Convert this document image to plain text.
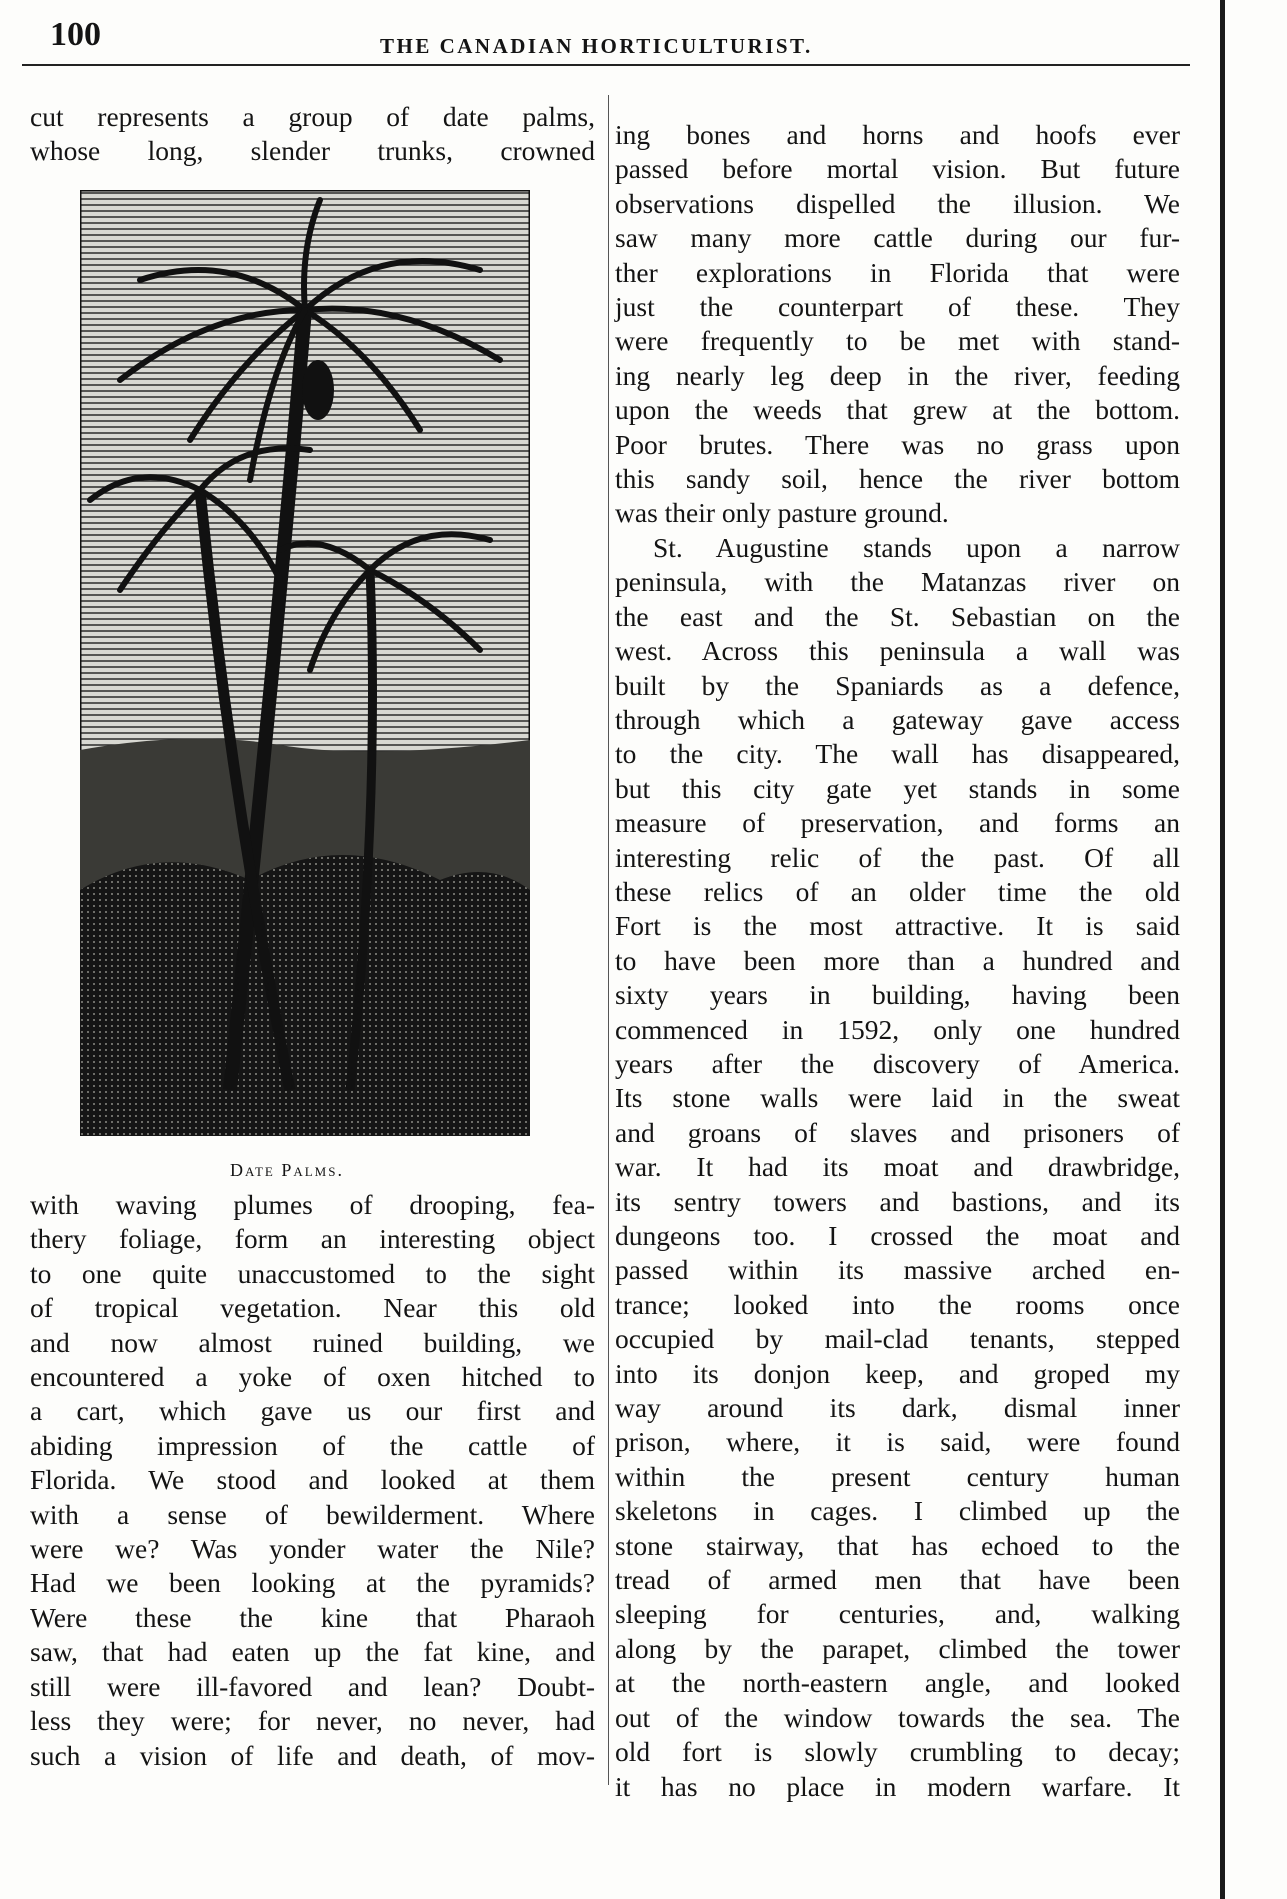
100	THE CANADIAN HORTICULTURIST.
cut represents a group of date palms,
whose long, slender trunks, crowned
Date Palms.
with waving plumes of drooping, fea-
thery foliage, form an interesting object
to one quite unaccustomed to the sight
of tropical vegetation. Near this old
and now almost ruined building, we
encountered a yoke of oxen hitched to
a cart, which gave us our first and
abiding impression of the cattle of
Florida. We stood and looked at them
with a sense of bewilderment. Where
were we? Was yonder water the Nile?
Had we been looking at the pyramids?
Were these the kine that Pharaoh
saw, that had eaten up the fat kine, and
still were ill-favored and lean? Doubt-
less they were; for never, no never, had
such a vision of life and death, of mov-
ing bones and horns and hoofs ever
passed before mortal vision. But future
observations dispelled the illusion. We
saw many more cattle during our fur-
ther explorations in Florida that were
just the counterpart of these. They
were frequently to be met with stand-
ing nearly leg deep in the river, feeding
upon the weeds that grew at the bottom.
Poor brutes. There was no grass upon
this sandy soil, hence the river bottom
was their only pasture ground.
St. Augustine stands upon a narrow
peninsula, with the Matanzas river on
the east and the St. Sebastian on the
west. Across this peninsula a wall was
built by the Spaniards as a defence,
through which a gateway gave access
to the city. The wall has disappeared,
but this city gate yet stands in some
measure of preservation, and forms an
interesting relic of the past. Of all
these relics of an older time the old
Fort is the most attractive. It is said
to have been more than a hundred and
sixty years in building, having been
commenced in 1592, only one hundred
years after the discovery of America.
Its stone walls were laid in the sweat
and groans of slaves and prisoners of
war. It had its moat and drawbridge,
its sentry towers and bastions, and its
dungeons too. I crossed the moat and
passed within its massive arched en-
trance; looked into the rooms once
occupied by mail-clad tenants, stepped
into its donjon keep, and groped my
way around its dark, dismal inner
prison, where, it is said, were found
within the present century human
skeletons in cages. I climbed up the
stone stairway, that has echoed to the
tread of armed men that have been
sleeping for centuries, and, walking
along by the parapet, climbed the tower
at the north-eastern angle, and looked
out of the window towards the sea. The
old fort is slowly crumbling to decay;
it has no place in modern warfare. It
